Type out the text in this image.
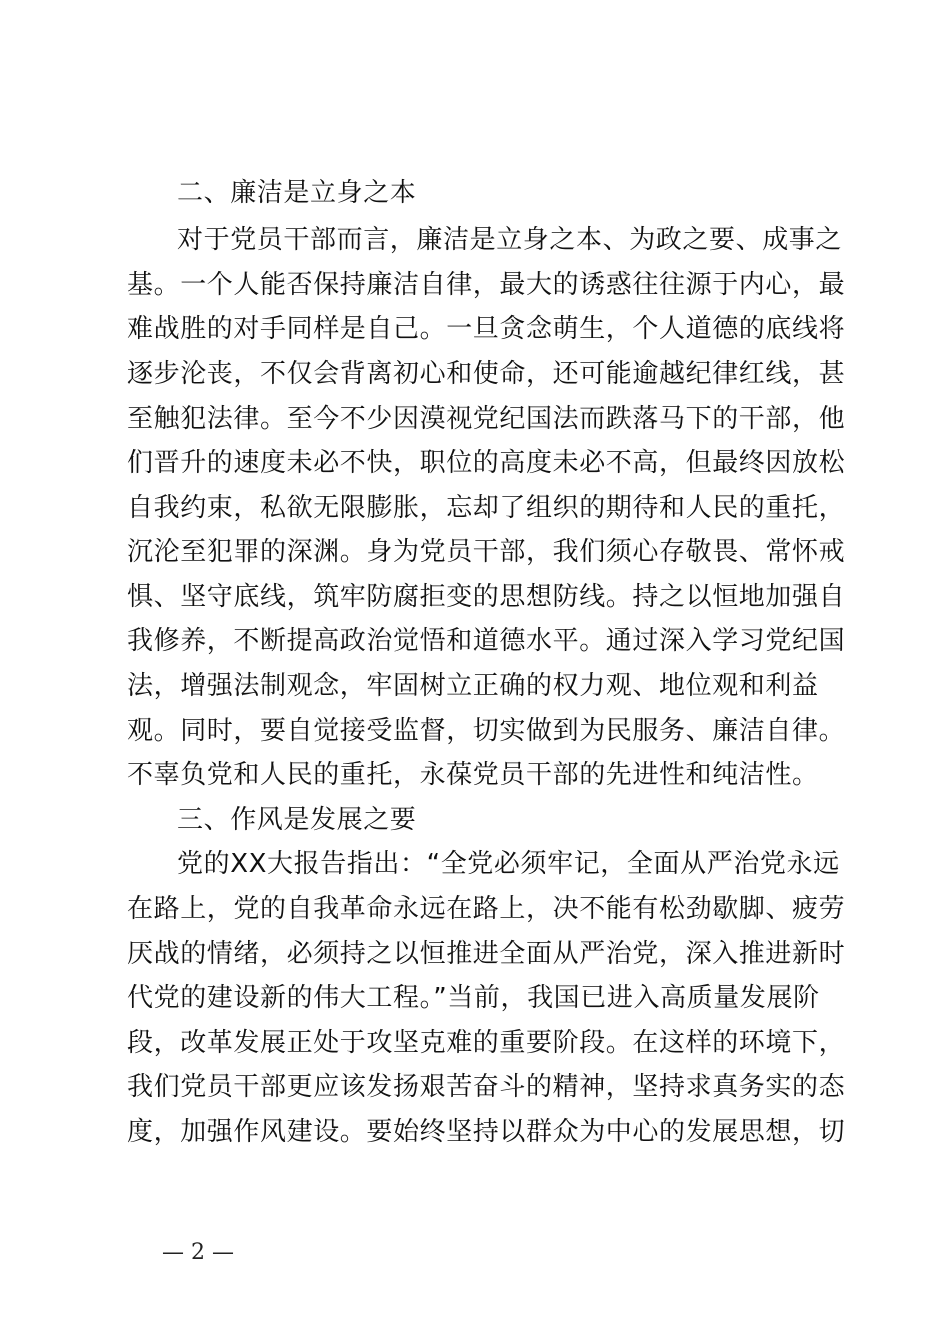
二、廉洁是立身之本
对于党员干部而言，廉洁是立身之本、为政之要、成事之
基。一个人能否保持廉洁自律，最大的诱惑往往源于内心，最
难战胜的对手同样是自己。一旦贪念萌生，个人道德的底线将
逐步沦丧，不仅会背离初心和使命，还可能逾越纪律红线，甚
至触犯法律。至今不少因漠视党纪国法而跌落马下的干部，他
们晋升的速度未必不快，职位的高度未必不高，但最终因放松
自我约束，私欲无限膨胀，忘却了组织的期待和人民的重托，
沉沦至犯罪的深渊。身为党员干部，我们须心存敬畏、常怀戒
惧、坚守底线，筑牢防腐拒变的思想防线。持之以恒地加强自
我修养，不断提高政治觉悟和道德水平。通过深入学习党纪国
法，增强法制观念，牢固树立正确的权力观、地位观和利益
观。同时，要自觉接受监督，切实做到为民服务、廉洁自律。
不辜负党和人民的重托，永葆党员干部的先进性和纯洁性。
三、作风是发展之要
党的XX大报告指出：“全党必须牢记，全面从严治党永远
在路上，党的自我革命永远在路上，决不能有松劲歇脚、疲劳
厌战的情绪，必须持之以恒推进全面从严治党，深入推进新时
代党的建设新的伟大工程。”当前，我国已进入高质量发展阶
段，改革发展正处于攻坚克难的重要阶段。在这样的环境下，
我们党员干部更应该发扬艰苦奋斗的精神，坚持求真务实的态
度，加强作风建设。要始终坚持以群众为中心的发展思想，切
— 2 —
